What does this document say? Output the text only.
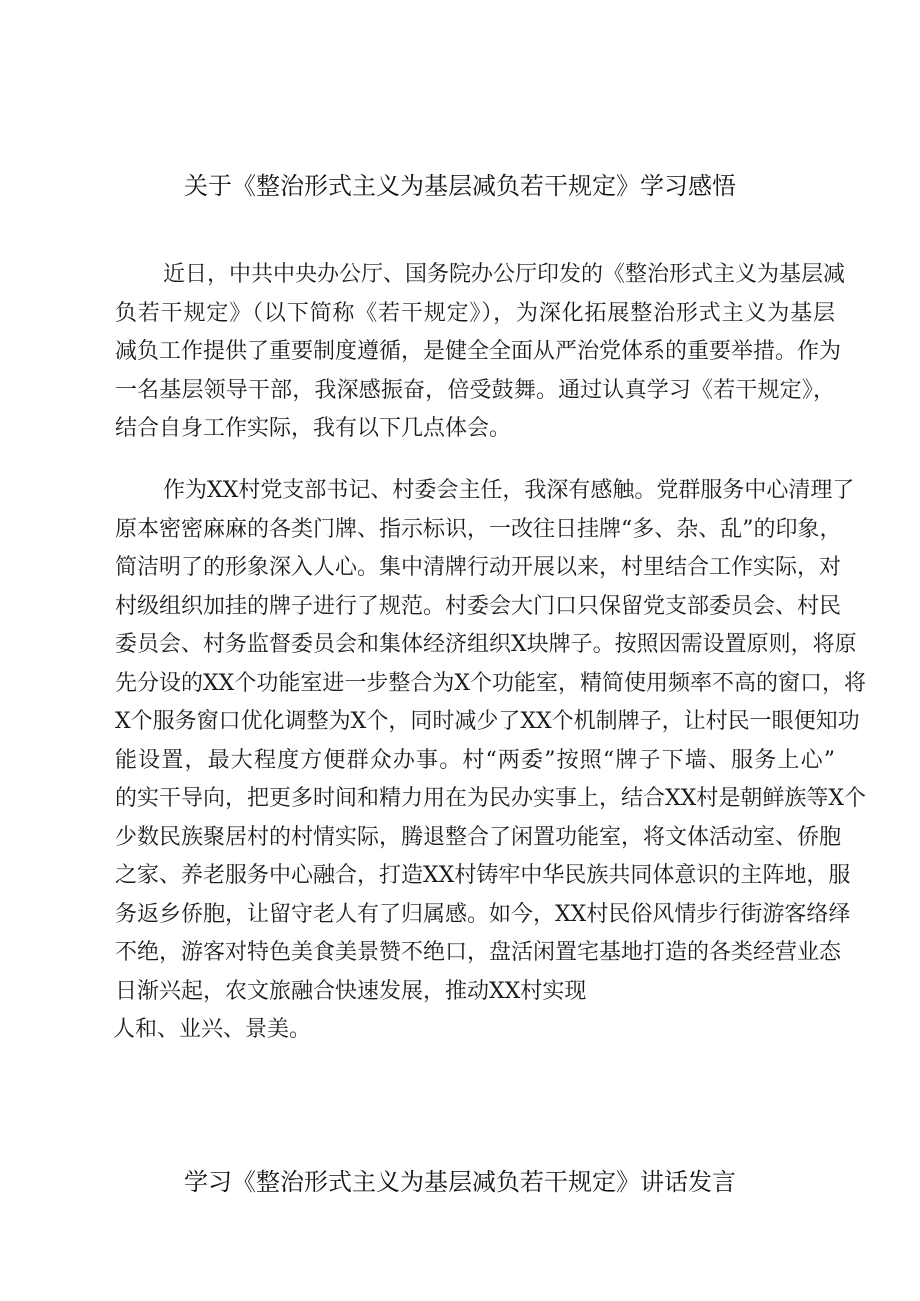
关于《整治形式主义为基层减负若干规定》学习感悟
近日，中共中央办公厅、国务院办公厅印发的《整治形式主义为基层减
负若干规定》（以下简称《若干规定》），为深化拓展整治形式主义为基层
减负工作提供了重要制度遵循，是健全全面从严治党体系的重要举措。作为
一名基层领导干部，我深感振奋，倍受鼓舞。通过认真学习《若干规定》，
结合自身工作实际，我有以下几点体会。
作为XX村党支部书记、村委会主任，我深有感触。党群服务中心清理了
原本密密麻麻的各类门牌、指示标识，一改往日挂牌“多、杂、乱”的印象，
简洁明了的形象深入人心。集中清牌行动开展以来，村里结合工作实际，对
村级组织加挂的牌子进行了规范。村委会大门口只保留党支部委员会、村民
委员会、村务监督委员会和集体经济组织X块牌子。按照因需设置原则，将原
先分设的XX个功能室进一步整合为X个功能室，精简使用频率不高的窗口，将
X个服务窗口优化调整为X个，同时减少了XX个机制牌子，让村民一眼便知功
能设置，最大程度方便群众办事。村“两委”按照“牌子下墙、服务上心”
的实干导向，把更多时间和精力用在为民办实事上，结合XX村是朝鲜族等X个
少数民族聚居村的村情实际，腾退整合了闲置功能室，将文体活动室、侨胞
之家、养老服务中心融合，打造XX村铸牢中华民族共同体意识的主阵地，服
务返乡侨胞，让留守老人有了归属感。如今，XX村民俗风情步行街游客络绎
不绝，游客对特色美食美景赞不绝口，盘活闲置宅基地打造的各类经营业态
日渐兴起，农文旅融合快速发展，推动XX村实现
人和、业兴、景美。
学习《整治形式主义为基层减负若干规定》讲话发言
